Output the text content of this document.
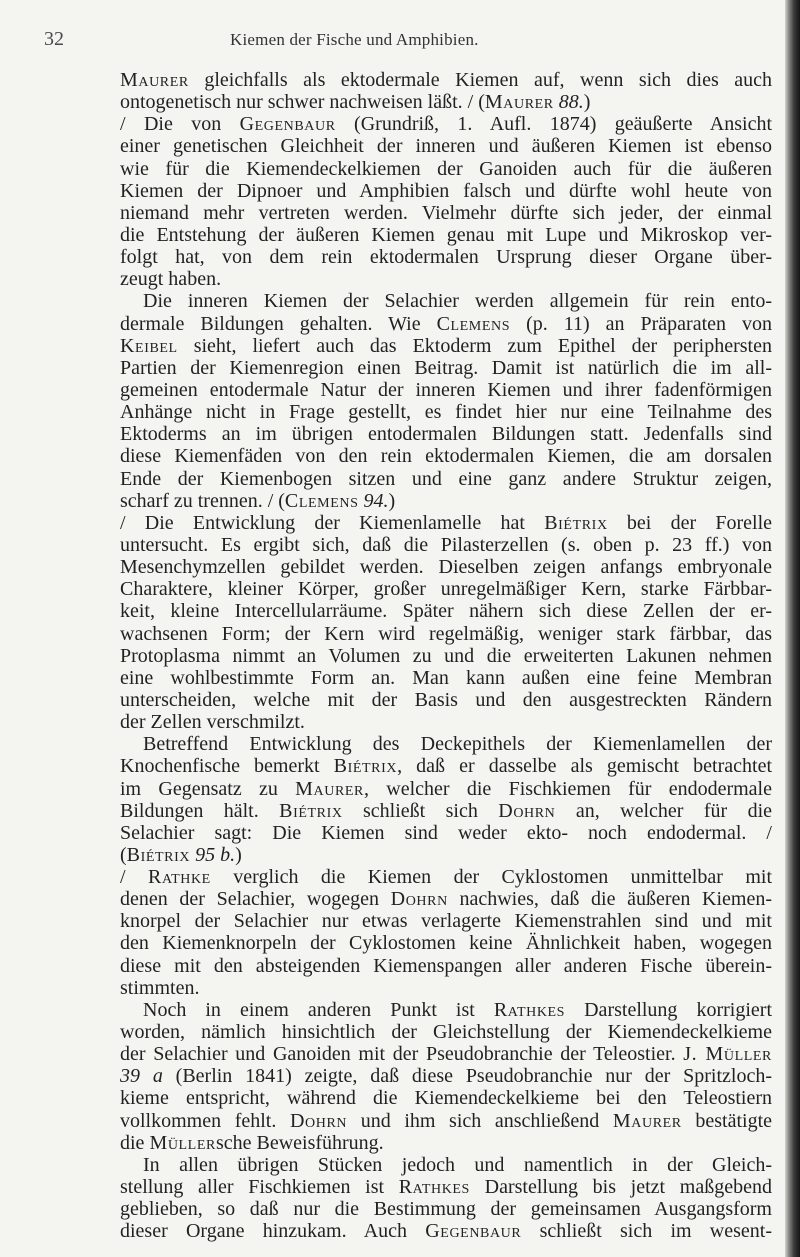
32	Kiemen der Fische und Amphibien.
Maurer gleichfalls als ektodermale Kiemen auf, wenn sich dies auch
ontogenetisch nur schwer nachweisen läßt. / (Maurer 88.)
/ Die von Gegenbaur (Grundriß, 1. Aufl. 1874) geäußerte Ansicht
einer genetischen Gleichheit der inneren und äußeren Kiemen ist ebenso
wie für die Kiemendeckelkiemen der Ganoiden auch für die äußeren
Kiemen der Dipnoer und Amphibien falsch und dürfte wohl heute von
niemand mehr vertreten werden. Vielmehr dürfte sich jeder, der einmal
die Entstehung der äußeren Kiemen genau mit Lupe und Mikroskop ver-
folgt hat, von dem rein ektodermalen Ursprung dieser Organe über-
zeugt haben.
Die inneren Kiemen der Selachier werden allgemein für rein ento-
dermale Bildungen gehalten. Wie Clemens (p. 11) an Präparaten von
Keibel sieht, liefert auch das Ektoderm zum Epithel der periphersten
Partien der Kiemenregion einen Beitrag. Damit ist natürlich die im all-
gemeinen entodermale Natur der inneren Kiemen und ihrer fadenförmigen
Anhänge nicht in Frage gestellt, es findet hier nur eine Teilnahme des
Ektoderms an im übrigen entodermalen Bildungen statt. Jedenfalls sind
diese Kiemenfäden von den rein ektodermalen Kiemen, die am dorsalen
Ende der Kiemenbogen sitzen und eine ganz andere Struktur zeigen,
scharf zu trennen. / (Clemens 94.)
/ Die Entwicklung der Kiemenlamelle hat Biétrix bei der Forelle
untersucht. Es ergibt sich, daß die Pilasterzellen (s. oben p. 23 ff.) von
Mesenchymzellen gebildet werden. Dieselben zeigen anfangs embryonale
Charaktere, kleiner Körper, großer unregelmäßiger Kern, starke Färbbar-
keit, kleine Intercellularräume. Später nähern sich diese Zellen der er-
wachsenen Form; der Kern wird regelmäßig, weniger stark färbbar, das
Protoplasma nimmt an Volumen zu und die erweiterten Lakunen nehmen
eine wohlbestimmte Form an. Man kann außen eine feine Membran
unterscheiden, welche mit der Basis und den ausgestreckten Rändern
der Zellen verschmilzt.
Betreffend Entwicklung des Deckepithels der Kiemenlamellen der
Knochenfische bemerkt Biétrix, daß er dasselbe als gemischt betrachtet
im Gegensatz zu Maurer, welcher die Fischkiemen für endodermale
Bildungen hält. Biétrix schließt sich Dohrn an, welcher für die
Selachier sagt: Die Kiemen sind weder ekto- noch endodermal. /
(Biétrix 95 b.)
/ Rathke verglich die Kiemen der Cyklostomen unmittelbar mit
denen der Selachier, wogegen Dohrn nachwies, daß die äußeren Kiemen-
knorpel der Selachier nur etwas verlagerte Kiemenstrahlen sind und mit
den Kiemenknorpeln der Cyklostomen keine Ähnlichkeit haben, wogegen
diese mit den absteigenden Kiemenspangen aller anderen Fische überein-
stimmten.
Noch in einem anderen Punkt ist Rathkes Darstellung korrigiert
worden, nämlich hinsichtlich der Gleichstellung der Kiemendeckelkieme
der Selachier und Ganoiden mit der Pseudobranchie der Teleostier. J. Müller
39 a (Berlin 1841) zeigte, daß diese Pseudobranchie nur der Spritzloch-
kieme entspricht, während die Kiemendeckelkieme bei den Teleostiern
vollkommen fehlt. Dohrn und ihm sich anschließend Maurer bestätigte
die Müllersche Beweisführung.
In allen übrigen Stücken jedoch und namentlich in der Gleich-
stellung aller Fischkiemen ist Rathkes Darstellung bis jetzt maßgebend
geblieben, so daß nur die Bestimmung der gemeinsamen Ausgangsform
dieser Organe hinzukam. Auch Gegenbaur schließt sich im wesent-
